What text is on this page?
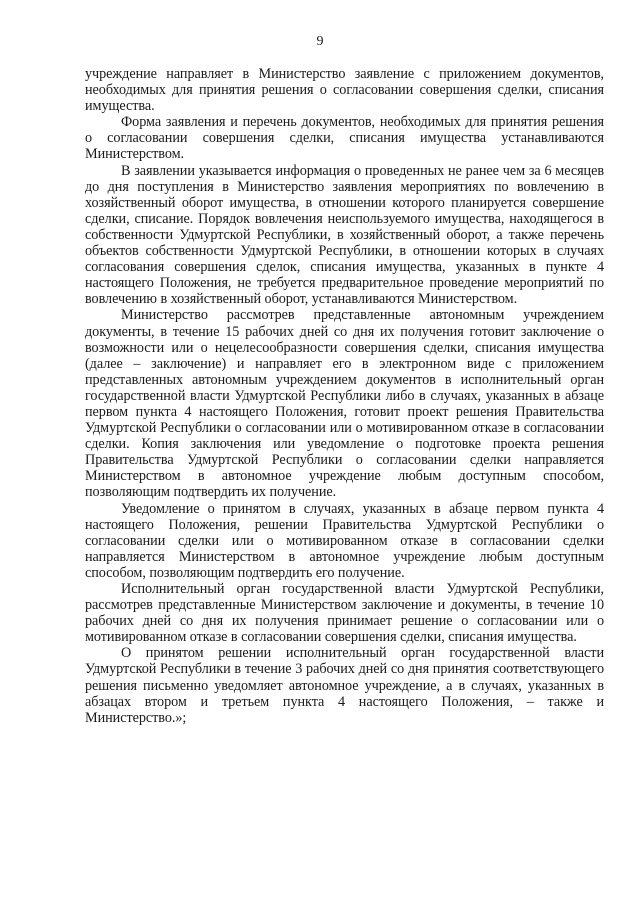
9

учреждение направляет в Министерство заявление с приложением документов, необходимых для принятия решения о согласовании совершения сделки, списания имущества.

Форма заявления и перечень документов, необходимых для принятия решения о согласовании совершения сделки, списания имущества устанавливаются Министерством.

В заявлении указывается информация о проведенных не ранее чем за 6 месяцев до дня поступления в Министерство заявления мероприятиях по вовлечению в хозяйственный оборот имущества, в отношении которого планируется совершение сделки, списание. Порядок вовлечения неиспользуемого имущества, находящегося в собственности Удмуртской Республики, в хозяйственный оборот, а также перечень объектов собственности Удмуртской Республики, в отношении которых в случаях согласования совершения сделок, списания имущества, указанных в пункте 4 настоящего Положения, не требуется предварительное проведение мероприятий по вовлечению в хозяйственный оборот, устанавливаются Министерством.

Министерство рассмотрев представленные автономным учреждением документы, в течение 15 рабочих дней со дня их получения готовит заключение о возможности или о нецелесообразности совершения сделки, списания имущества (далее – заключение) и направляет его в электронном виде с приложением представленных автономным учреждением документов в исполнительный орган государственной власти Удмуртской Республики либо в случаях, указанных в абзаце первом пункта 4 настоящего Положения, готовит проект решения Правительства Удмуртской Республики о согласовании или о мотивированном отказе в согласовании сделки. Копия заключения или уведомление о подготовке проекта решения Правительства Удмуртской Республики о согласовании сделки направляется Министерством в автономное учреждение любым доступным способом, позволяющим подтвердить их получение.

Уведомление о принятом в случаях, указанных в абзаце первом пункта 4 настоящего Положения, решении Правительства Удмуртской Республики о согласовании сделки или о мотивированном отказе в согласовании сделки направляется Министерством в автономное учреждение любым доступным способом, позволяющим подтвердить его получение.

Исполнительный орган государственной власти Удмуртской Республики, рассмотрев представленные Министерством заключение и документы, в течение 10 рабочих дней со дня их получения принимает решение о согласовании или о мотивированном отказе в согласовании совершения сделки, списания имущества.

О принятом решении исполнительный орган государственной власти Удмуртской Республики в течение 3 рабочих дней со дня принятия соответствующего решения письменно уведомляет автономное учреждение, а в случаях, указанных в абзацах втором и третьем пункта 4 настоящего Положения, – также и Министерство.»;
